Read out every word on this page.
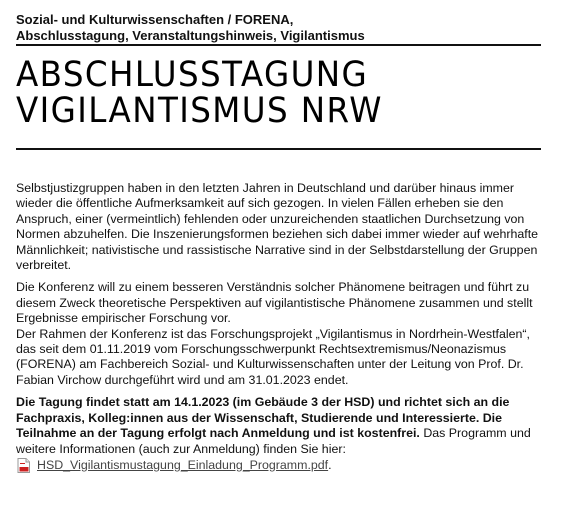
Sozial- und Kulturwissenschaften / FORENA,
Abschlusstagung, Veranstaltungshinweis, Vigilantismus
ABSCHLUSSTAGUNG
VIGILANTISMUS NRW

Selbstjustizgruppen haben in den letzten Jahren in Deutschland und darüber hinaus immer wieder die öffentliche Aufmerksamkeit auf sich gezogen. In vielen Fällen erheben sie den Anspruch, einer (vermeintlich) fehlenden oder unzureichenden staatlichen Durchsetzung von Normen abzuhelfen. Die Inszenierungsformen beziehen sich dabei immer wieder auf wehrhafte Männlichkeit; nativistische und rassistische Narrative sind in der Selbstdarstellung der Gruppen verbreitet.

Die Konferenz will zu einem besseren Verständnis solcher Phänomene beitragen und führt zu diesem Zweck theoretische Perspektiven auf vigilantistische Phänomene zusammen und stellt Ergebnisse empirischer Forschung vor.

Der Rahmen der Konferenz ist das Forschungsprojekt „Vigilantismus in Nordrhein-Westfalen“, das seit dem 01.11.2019 vom Forschungsschwerpunkt Rechtsextremismus/Neonazismus (FORENA) am Fachbereich Sozial- und Kulturwissenschaften unter der Leitung von Prof. Dr. Fabian Virchow durchgeführt wird und am 31.01.2023 endet.

Die Tagung findet statt am 14.1.2023 (im Gebäude 3 der HSD) und richtet sich an die Fachpraxis, Kolleg:innen aus der Wissenschaft, Studierende und Interessierte. Die Teilnahme an der Tagung erfolgt nach Anmeldung und ist kostenfrei. Das Programm und weitere Informationen (auch zur Anmeldung) finden Sie hier:

HSD_Vigilantismustagung_Einladung_Programm.pdf.
